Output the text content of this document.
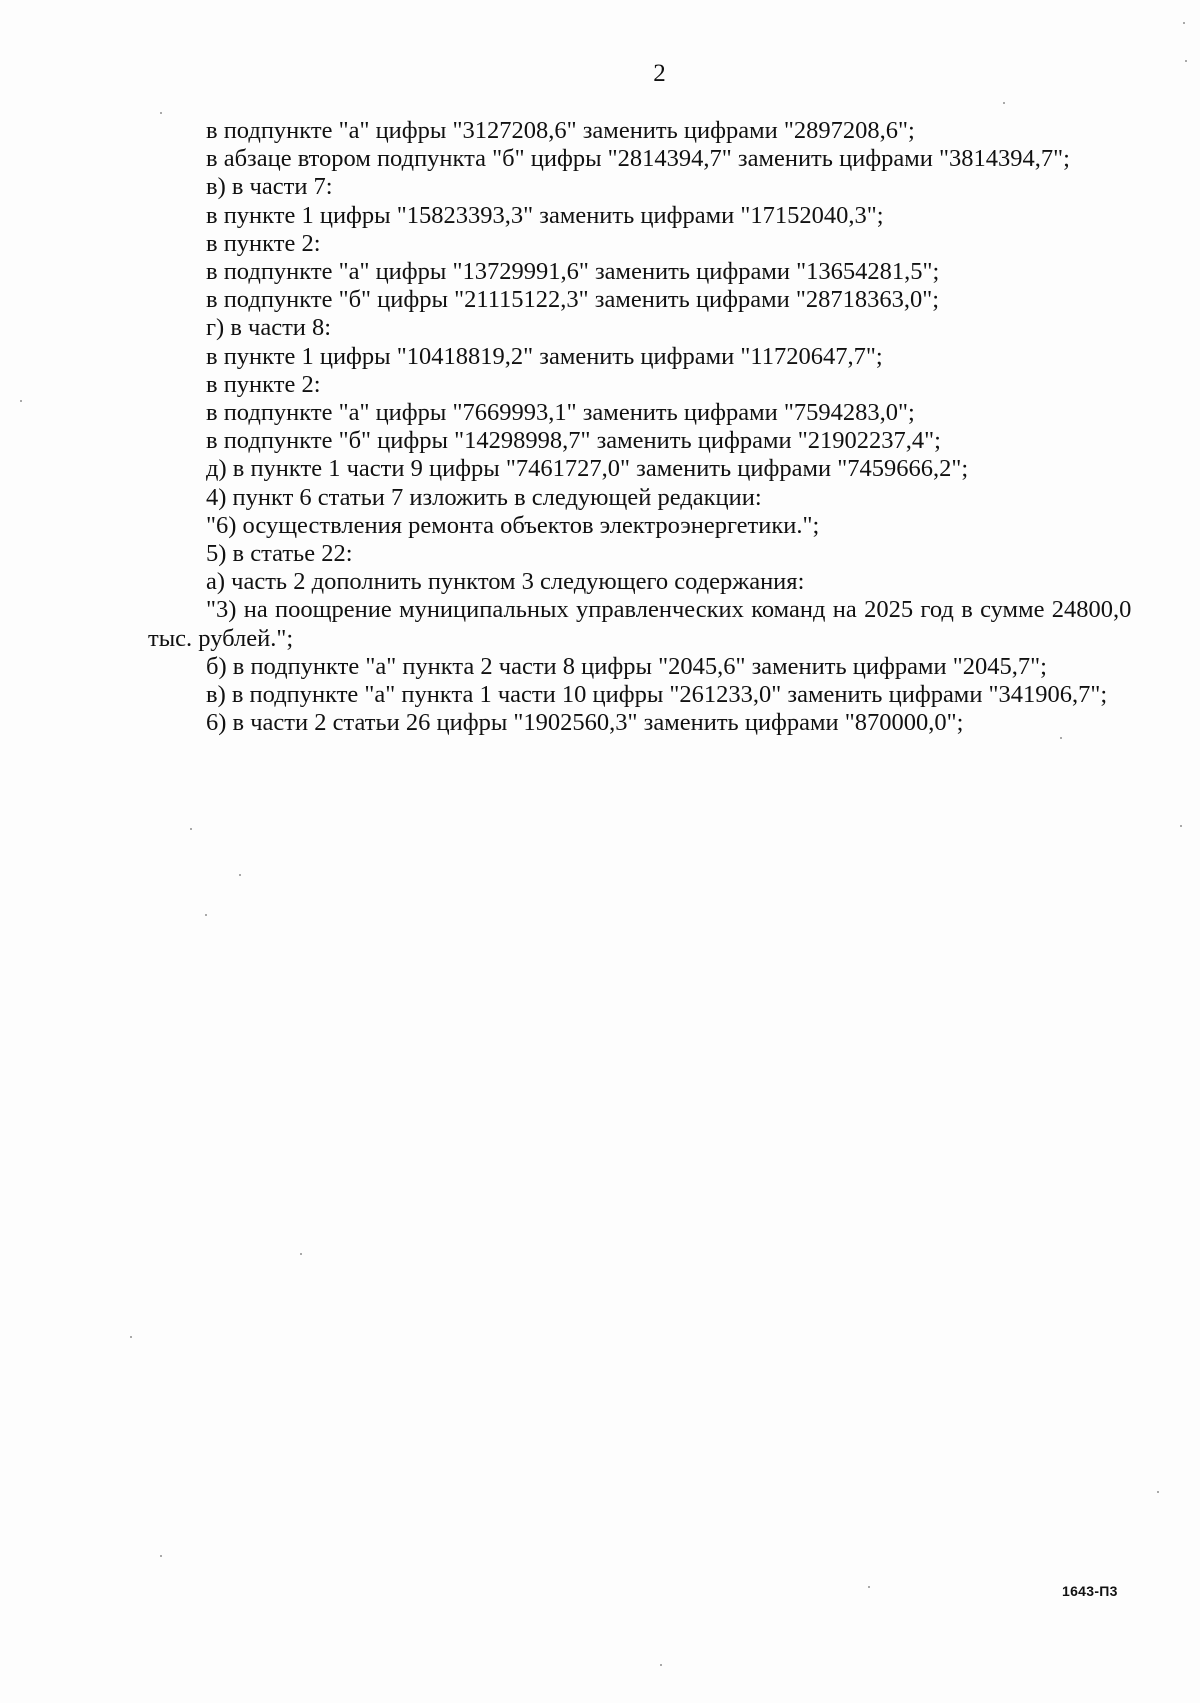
2
в подпункте "а" цифры "3127208,6" заменить цифрами "2897208,6";
в абзаце втором подпункта "б" цифры "2814394,7" заменить цифрами "3814394,7";
в) в части 7:
в пункте 1 цифры "15823393,3" заменить цифрами "17152040,3";
в пункте 2:
в подпункте "а" цифры "13729991,6" заменить цифрами "13654281,5";
в подпункте "б" цифры "21115122,3" заменить цифрами "28718363,0";
г) в части 8:
в пункте 1 цифры "10418819,2" заменить цифрами "11720647,7";
в пункте 2:
в подпункте "а" цифры "7669993,1" заменить цифрами "7594283,0";
в подпункте "б" цифры "14298998,7" заменить цифрами "21902237,4";
д) в пункте 1 части 9 цифры "7461727,0" заменить цифрами "7459666,2";
4) пункт 6 статьи 7 изложить в следующей редакции:
"6) осуществления ремонта объектов электроэнергетики.";
5) в статье 22:
а) часть 2 дополнить пунктом 3 следующего содержания:
"3) на поощрение муниципальных управленческих команд на 2025 год в сумме 24800,0
тыс. рублей.";
б) в подпункте "а" пункта 2 части 8 цифры "2045,6" заменить цифрами "2045,7";
в) в подпункте "а" пункта 1 части 10 цифры "261233,0" заменить цифрами "341906,7";
6) в части 2 статьи 26 цифры "1902560,3" заменить цифрами "870000,0";
1643-П3
